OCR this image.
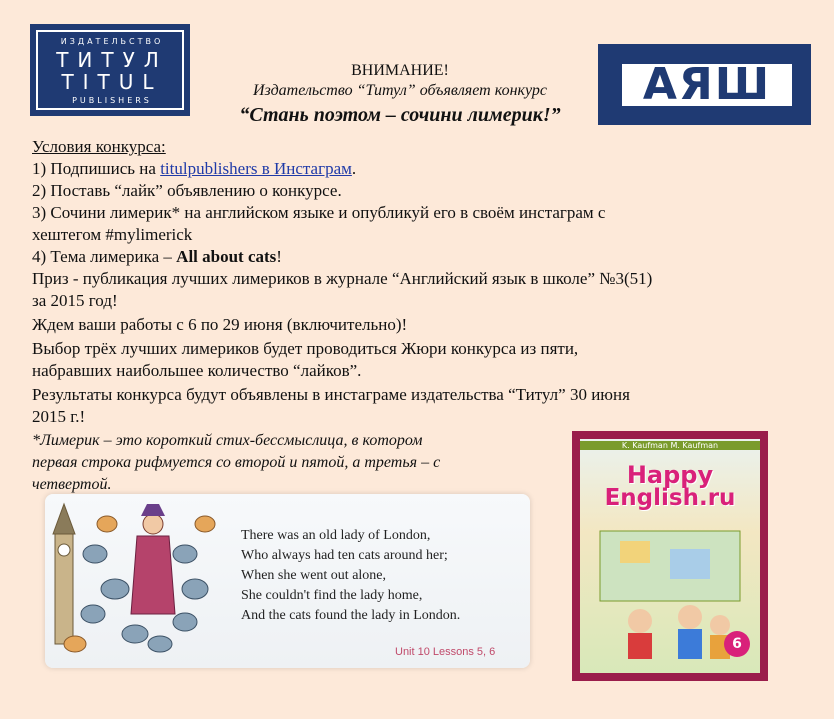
ИЗДАТЕЛЬСТВО
ТИТУЛ
TITUL
PUBLISHERS	АЯШ
ВНИМАНИЕ!
Издательство “Титул” объявляет конкурс
“Стань поэтом – сочини лимерик!”
Условия конкурса:
1) Подпишись на titulpublishers в Инстаграм.
2) Поставь “лайк” объявлению о конкурсе.
3) Сочини лимерик* на английском языке и опубликуй его в своём инстаграм с
хештегом #mylimerick
4) Тема лимерика – All about cats!
Приз - публикация лучших лимериков в журнале “Английский язык в школе” №3(51)
за 2015 год!
Ждем ваши работы с 6 по 29 июня (включительно)!
Выбор трёх лучших лимериков будет проводиться Жюри конкурса из пяти,
набравших наибольшее количество “лайков”.
Результаты конкурса будут объявлены в инстаграме издательства “Титул” 30 июня
2015 г.!
*Лимерик – это короткий стих-бессмыслица, в котором
первая строка рифмуется со второй и пятой, а третья – с
четвертой.
There was an old lady of London,
Who always had ten cats around her;
When she went out alone,
She couldn't find the lady home,
And the cats found the lady in London.
Unit 10 Lessons 5, 6
K. Kaufman M. Kaufman
Happy
English.ru
6
